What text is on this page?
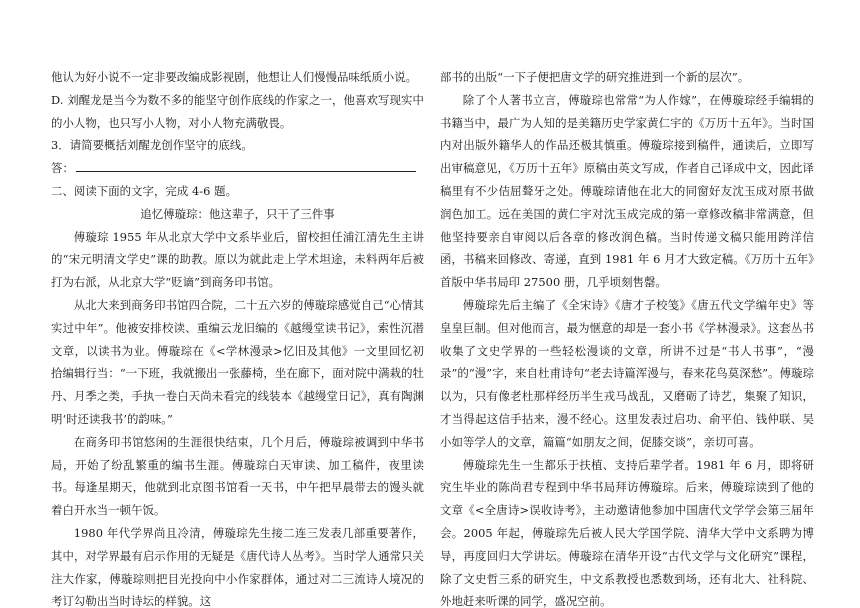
他认为好小说不一定非要改编成影视剧，他想让人们慢慢品味纸质小说。

D. 刘醒龙是当今为数不多的能坚守创作底线的作家之一，他喜欢写现实中的小人物，也只写小人物，对小人物充满敬畏。

3．请简要概括刘醒龙创作坚守的底线。

答：

二、阅读下面的文字，完成 4-6 题。

追忆傅璇琮：他这辈子，只干了三件事

傅璇琮 1955 年从北京大学中文系毕业后，留校担任浦江清先生主讲的“宋元明清文学史”课的助教。原以为就此走上学术坦途，未料两年后被打为右派，从北京大学“贬谪”到商务印书馆。

从北大来到商务印书馆四合院，二十五六岁的傅璇琮感觉自己“心情其实过中年”。他被安排校读、重编云龙旧编的《越缦堂读书记》，索性沉潜文章，以读书为业。傅璇琮在《<学林漫录>忆旧及其他》一文里回忆初拾编辑行当：“一下班，我就搬出一张藤椅，坐在廊下，面对院中满栽的牡丹、月季之类，手执一卷白天尚未看完的线装本《越缦堂日记》，真有陶渊明‘时还读我书’的韵味。”

在商务印书馆悠闲的生涯很快结束，几个月后，傅璇琮被调到中华书局，开始了纷乱繁重的编书生涯。傅璇琮白天审读、加工稿件，夜里读书。每逢星期天，他就到北京图书馆看一天书，中午把早晨带去的馒头就着白开水当一顿午饭。

1980 年代学界尚且冷清，傅璇琮先生接二连三发表几部重要著作，其中，对学界最有启示作用的无疑是《唐代诗人丛考》。当时学人通常只关注大作家，傅璇琮则把目光投向中小作家群体，通过对二三流诗人境况的考订勾勒出当时诗坛的样貌。这

部书的出版“一下子便把唐文学的研究推进到一个新的层次”。

除了个人著书立言，傅璇琮也常常“为人作嫁”，在傅璇琮经手编辑的书籍当中，最广为人知的是美籍历史学家黄仁宇的《万历十五年》。当时国内对出版外籍华人的作品还极其慎重。傅璇琮接到稿件，通读后，立即写出审稿意见，《万历十五年》原稿由英文写成，作者自己译成中文，因此译稿里有不少佶屈聱牙之处。傅璇琮请他在北大的同窗好友沈玉成对原书做润色加工。远在美国的黄仁宇对沈玉成完成的第一章修改稿非常满意，但他坚持要亲自审阅以后各章的修改润色稿。当时传递文稿只能用跨洋信函，书稿来回修改、寄递，直到 1981 年 6 月才大致定稿。《万历十五年》首版中华书局印 27500 册，几乎顷刻售罄。

傅璇琮先后主编了《全宋诗》《唐才子校笺》《唐五代文学编年史》等皇皇巨制。但对他而言，最为惬意的却是一套小书《学林漫录》。这套丛书收集了文史学界的一些轻松漫谈的文章，所讲不过是“书人书事”，“漫录”的“漫”字，来自杜甫诗句“老去诗篇浑漫与，春来花鸟莫深愁”。傅璇琮以为，只有像老杜那样经历半生戎马战乱，又磨砺了诗艺，集聚了知识，才当得起这信手拈来，漫不经心。这里发表过启功、俞平伯、钱仲联、吴小如等学人的文章，篇篇“如朋友之间，促膝交谈”，亲切可喜。

傅璇琮先生一生都乐于扶植、支持后辈学者。1981 年 6 月，即将研究生毕业的陈尚君专程到中华书局拜访傅璇琮。后来，傅璇琮读到了他的文章《<全唐诗>误收诗考》，主动邀请他参加中国唐代文学学会第三届年会。2005 年起，傅璇琮先后被人民大学国学院、清华大学中文系聘为博导，再度回归大学讲坛。傅璇琮在清华开设“古代文学与文化研究”课程，除了文史哲三系的研究生，中文系教授也悉数到场，还有北大、社科院、外地赶来听课的同学，盛况空前。
